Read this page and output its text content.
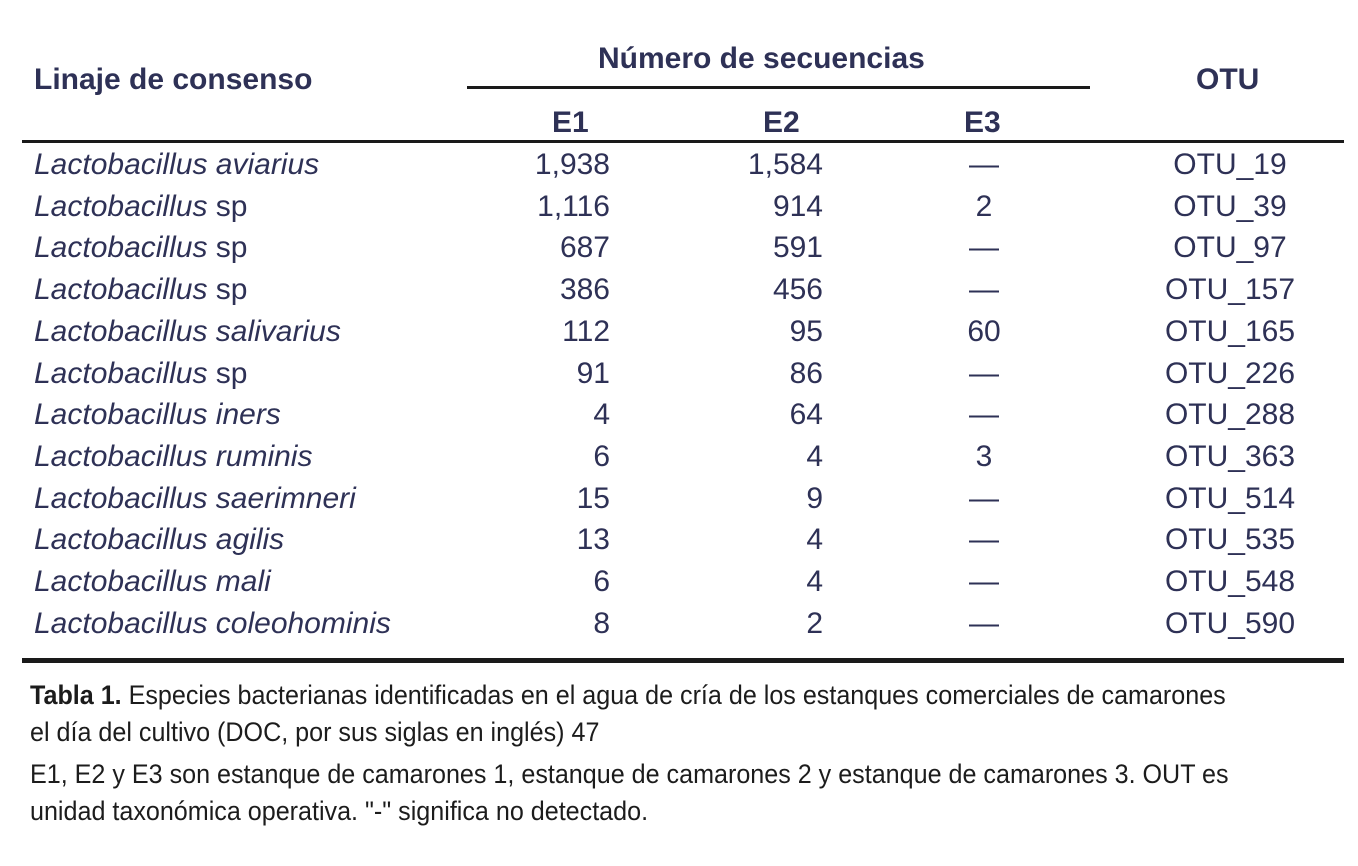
Linaje de consenso
Número de secuencias
OTU
E1	E2	E3
Lactobacillus aviarius	1,938	1,584	—	OTU_19
Lactobacillus sp	1,116	914	2	OTU_39
Lactobacillus sp	687	591	—	OTU_97
Lactobacillus sp	386	456	—	OTU_157
Lactobacillus salivarius	112	95	60	OTU_165
Lactobacillus sp	91	86	—	OTU_226
Lactobacillus iners	4	64	—	OTU_288
Lactobacillus ruminis	6	4	3	OTU_363
Lactobacillus saerimneri	15	9	—	OTU_514
Lactobacillus agilis	13	4	—	OTU_535
Lactobacillus mali	6	4	—	OTU_548
Lactobacillus coleohominis	8	2	—	OTU_590
Tabla 1. Especies bacterianas identificadas en el agua de cría de los estanques comerciales de camarones el día del cultivo (DOC, por sus siglas en inglés) 47
E1, E2 y E3 son estanque de camarones 1, estanque de camarones 2 y estanque de camarones 3. OUT es unidad taxonómica operativa. "-" significa no detectado.
